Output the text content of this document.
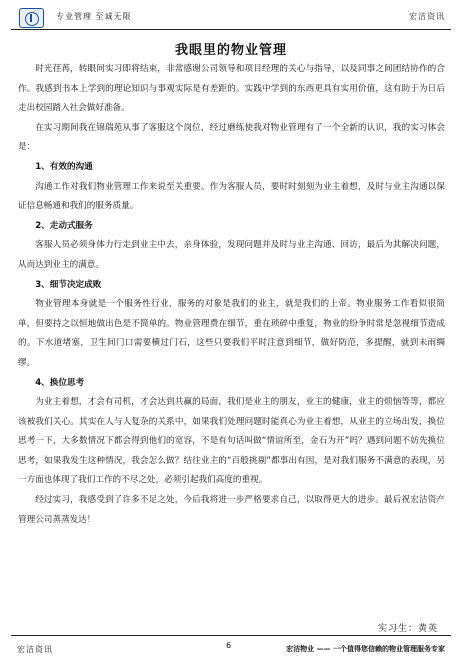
专业管理 至诚无限	宏洁资讯
我眼里的物业管理

时光荏苒，转眼间实习即将结束，非常感谢公司领导和项目经理的关心与指导，以及同事之间团结协作的合作。我感到书本上学到的理论知识与事观实际是有差距的。实践中学到的东西更具有实用价值，这有助于为日后走出校园踏入社会做好准备。

在实习期间我在锦瑞苑从事了客服这个岗位，经过磨练使我对物业管理有了一个全新的认识，我的实习体会是：

1、有效的沟通

沟通工作对我们物业管理工作来说至关重要。作为客服人员，要时时刻刻为业主着想，及时与业主沟通以保证信息畅通和我们的服务质量。

2、走动式服务

客服人员必须身体力行走到业主中去，亲身体验，发现问题并及时与业主沟通、回访，最后为其解决问题，从而达到业主的满意。

3、细节决定成败

物业管理本身就是一个服务性行业，服务的对象是我们的业主，就是我们的上帝。物业服务工作看似很简单，但要持之以恒地做出色是不简单的。物业管理费在细节，重在琐碎中重复，物业的纷争时常是忽视细节造成的。下水道堵塞，卫生间门口需要横过门石，这些只要我们平时注意到细节，做好防范，多提醒，就到未雨绸缪。

4、换位思考

为业主着想，才会有司机，才会达到共赢的局面，我们是业主的朋友，业主的健康，业主的烦恼等等，都应该被我们关心。其实在人与人复杂的关系中，如果我们处理问题时能真心为业主着想，从业主的立场出发，换位思考一下，大多数情况下都会得到他们的宽容，不是有句话叫做“情谊所至，金石为开”吗？遇到问题不妨先换位思考，如果我发生这种情况，我会怎么做？结往业主的“百般挑剔”都事出有因，是对我们服务不满意的表现，另一方面也体现了我们工作的不尽之处，必须引起我们高度的重视。

经过实习，我感受到了许多不足之处，今后我将进一步严格要求自己，以取得更大的进步。最后祝宏洁资产管理公司蒸蒸发达！

实习生：黄英
宏洁资讯	6	宏洁物业 —— 一个值得您信赖的物业管理服务专家
